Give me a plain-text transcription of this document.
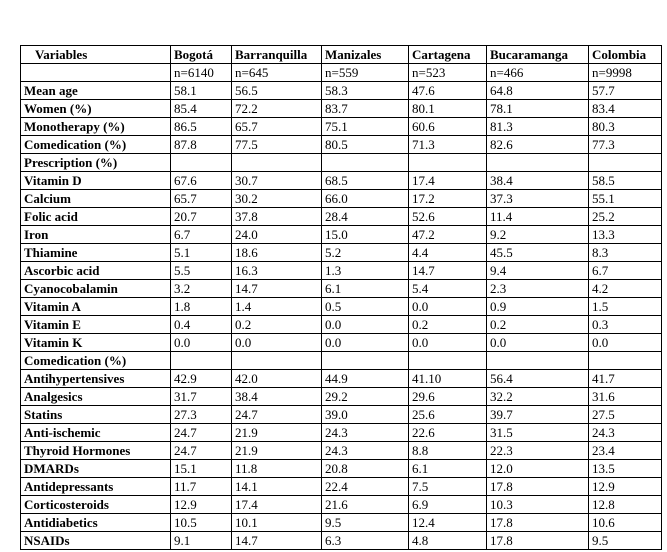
Variables	Bogotá	Barranquilla	Manizales	Cartagena	Bucaramanga	Colombia
	n=6140	n=645	n=559	n=523	n=466	n=9998
Mean age	58.1	56.5	58.3	47.6	64.8	57.7
Women (%)	85.4	72.2	83.7	80.1	78.1	83.4
Monotherapy (%)	86.5	65.7	75.1	60.6	81.3	80.3
Comedication (%)	87.8	77.5	80.5	71.3	82.6	77.3
Prescription (%)						
Vitamin D	67.6	30.7	68.5	17.4	38.4	58.5
Calcium	65.7	30.2	66.0	17.2	37.3	55.1
Folic acid	20.7	37.8	28.4	52.6	11.4	25.2
Iron	6.7	24.0	15.0	47.2	9.2	13.3
Thiamine	5.1	18.6	5.2	4.4	45.5	8.3
Ascorbic acid	5.5	16.3	1.3	14.7	9.4	6.7
Cyanocobalamin	3.2	14.7	6.1	5.4	2.3	4.2
Vitamin A	1.8	1.4	0.5	0.0	0.9	1.5
Vitamin E	0.4	0.2	0.0	0.2	0.2	0.3
Vitamin K	0.0	0.0	0.0	0.0	0.0	0.0
Comedication (%)						
Antihypertensives	42.9	42.0	44.9	41.10	56.4	41.7
Analgesics	31.7	38.4	29.2	29.6	32.2	31.6
Statins	27.3	24.7	39.0	25.6	39.7	27.5
Anti-ischemic	24.7	21.9	24.3	22.6	31.5	24.3
Thyroid Hormones	24.7	21.9	24.3	8.8	22.3	23.4
DMARDs	15.1	11.8	20.8	6.1	12.0	13.5
Antidepressants	11.7	14.1	22.4	7.5	17.8	12.9
Corticosteroids	12.9	17.4	21.6	6.9	10.3	12.8
Antidiabetics	10.5	10.1	9.5	12.4	17.8	10.6
NSAIDs	9.1	14.7	6.3	4.8	17.8	9.5
